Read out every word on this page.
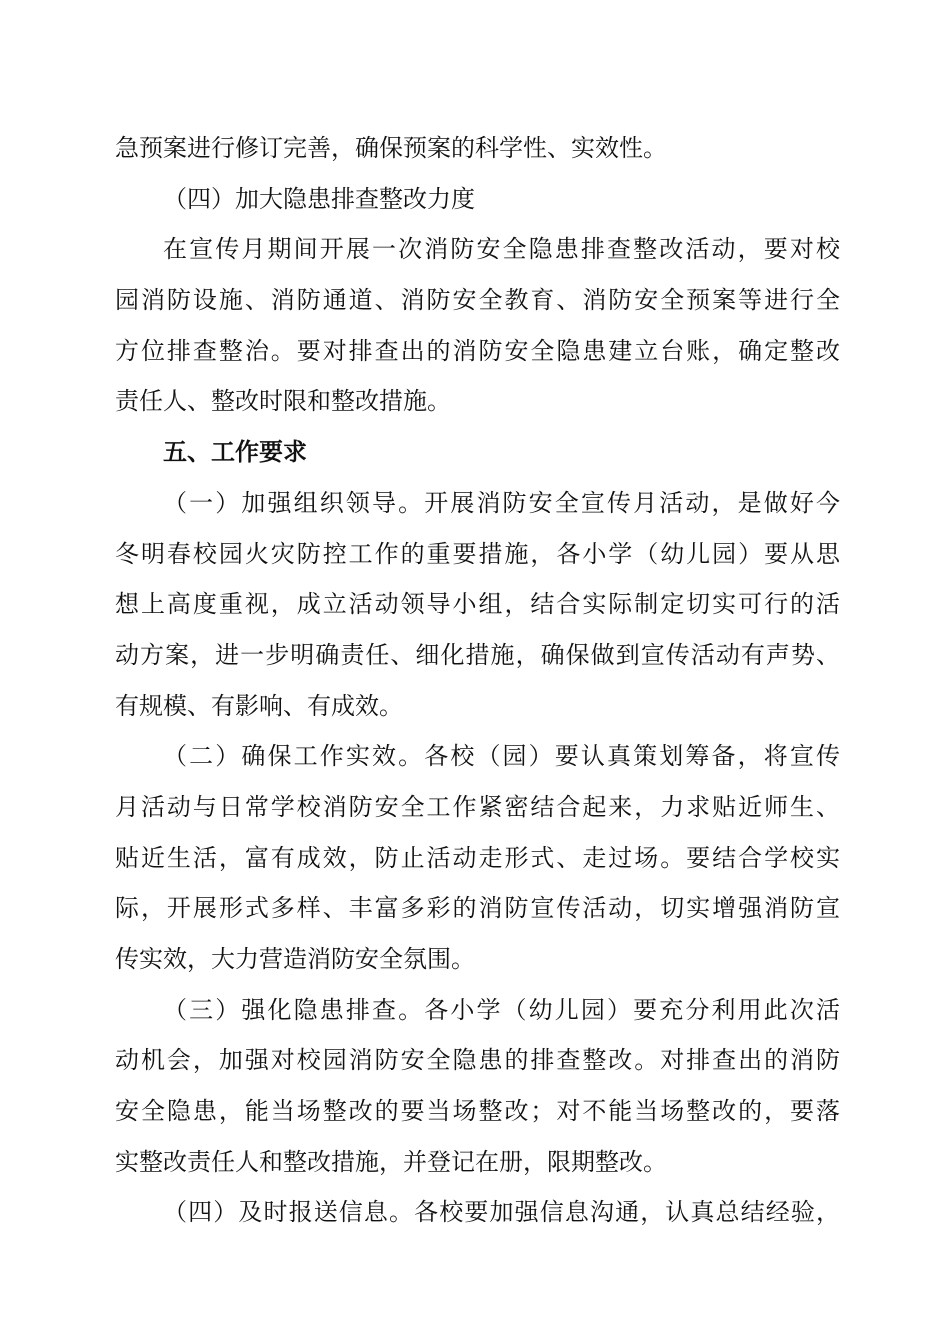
急预案进行修订完善，确保预案的科学性、实效性。

（四）加大隐患排查整改力度

在宣传月期间开展一次消防安全隐患排查整改活动，要对校

园消防设施、消防通道、消防安全教育、消防安全预案等进行全

方位排查整治。要对排查出的消防安全隐患建立台账，确定整改

责任人、整改时限和整改措施。

五、工作要求

（一）加强组织领导。开展消防安全宣传月活动，是做好今

冬明春校园火灾防控工作的重要措施，各小学（幼儿园）要从思

想上高度重视，成立活动领导小组，结合实际制定切实可行的活

动方案，进一步明确责任、细化措施，确保做到宣传活动有声势、

有规模、有影响、有成效。

（二）确保工作实效。各校（园）要认真策划筹备，将宣传

月活动与日常学校消防安全工作紧密结合起来，力求贴近师生、

贴近生活，富有成效，防止活动走形式、走过场。要结合学校实

际，开展形式多样、丰富多彩的消防宣传活动，切实增强消防宣

传实效，大力营造消防安全氛围。

（三）强化隐患排查。各小学（幼儿园）要充分利用此次活

动机会，加强对校园消防安全隐患的排查整改。对排查出的消防

安全隐患，能当场整改的要当场整改；对不能当场整改的，要落

实整改责任人和整改措施，并登记在册，限期整改。

（四）及时报送信息。各校要加强信息沟通，认真总结经验，
